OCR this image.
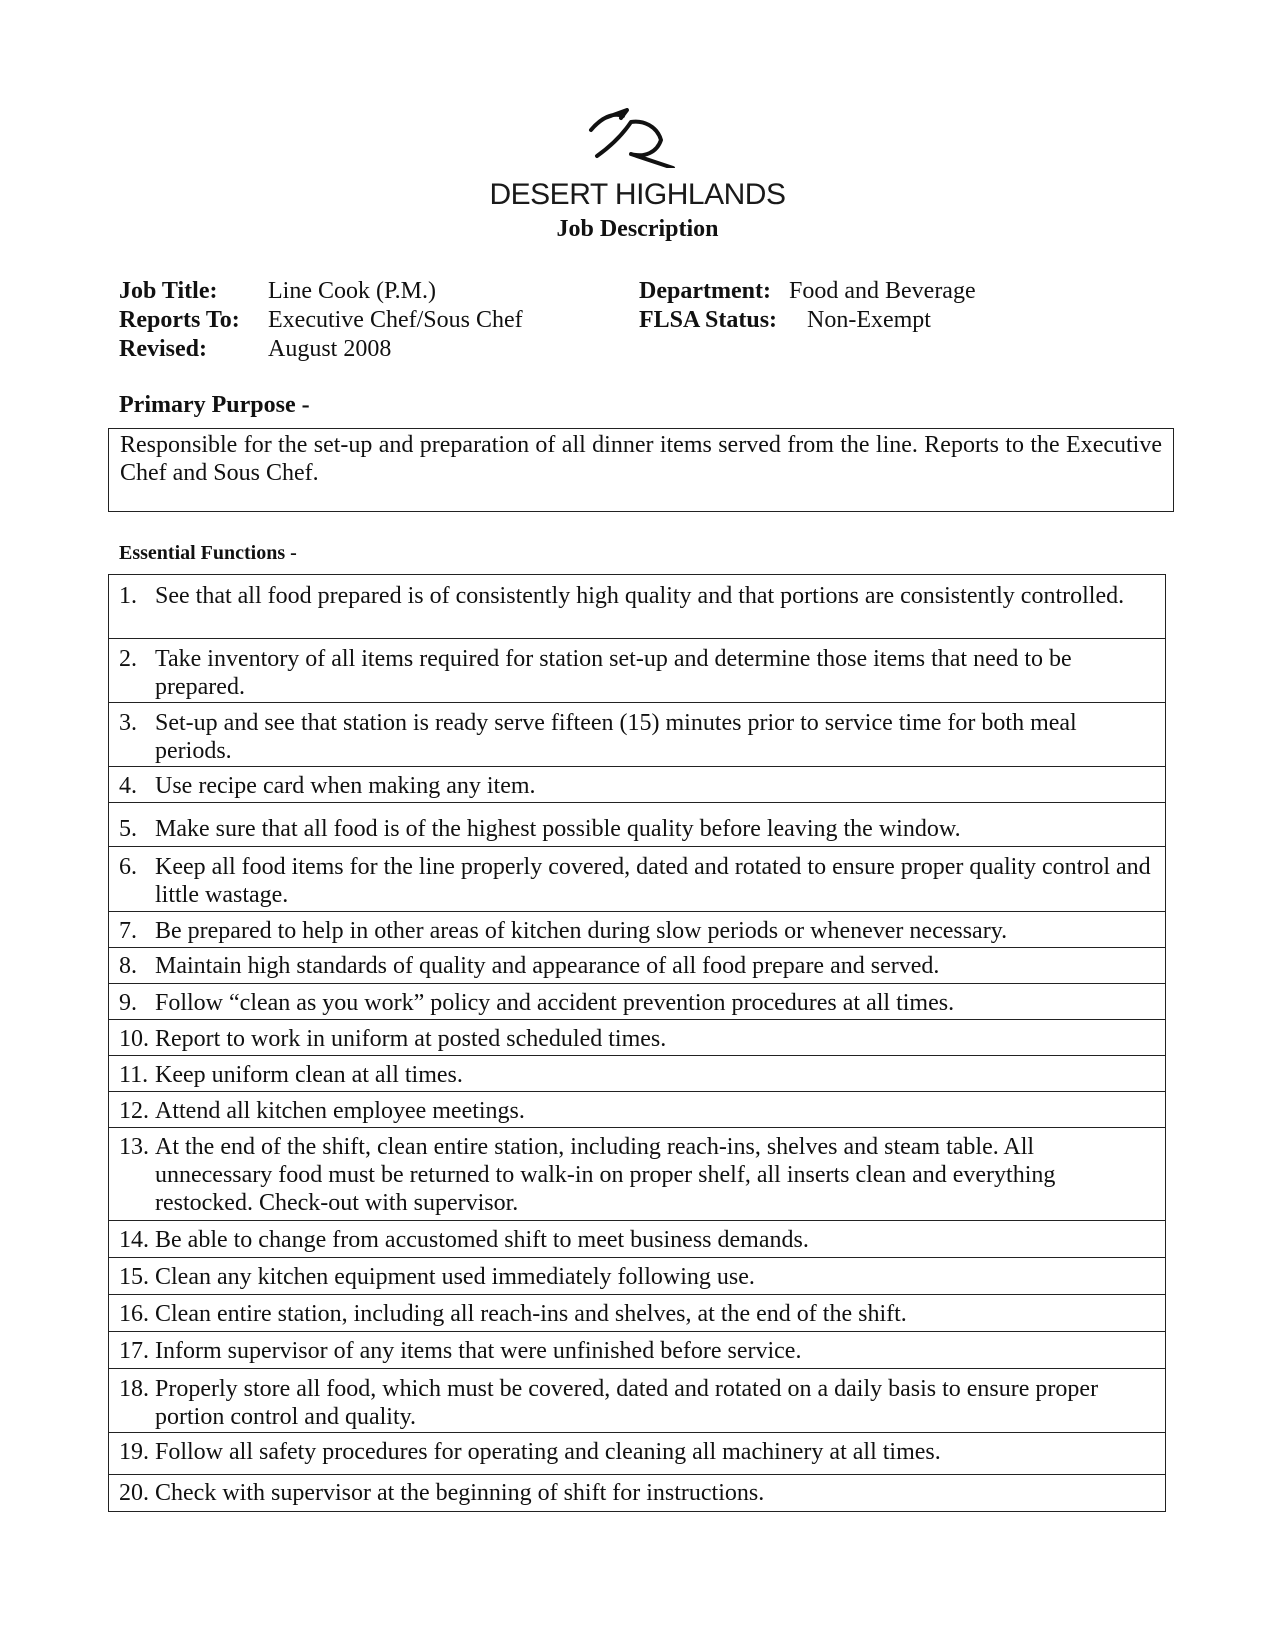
DESERT HIGHLANDS
Job Description
Job Title: Line Cook (P.M.)
Reports To: Executive Chef/Sous Chef
Revised:	August 2008
Department: Food and Beverage
FLSA Status: Non-Exempt
Primary Purpose -
Responsible for the set-up and preparation of all dinner items served from the line. Reports to the Executive Chef and Sous Chef.
Essential Functions -
1. See that all food prepared is of consistently high quality and that portions are consistently controlled.
2. Take inventory of all items required for station set-up and determine those items that need to be prepared.
3. Set-up and see that station is ready serve fifteen (15) minutes prior to service time for both meal periods.
4. Use recipe card when making any item.
5. Make sure that all food is of the highest possible quality before leaving the window.
6. Keep all food items for the line properly covered, dated and rotated to ensure proper quality control and little wastage.
7. Be prepared to help in other areas of kitchen during slow periods or whenever necessary.
8. Maintain high standards of quality and appearance of all food prepare and served.
9. Follow “clean as you work” policy and accident prevention procedures at all times.
10. Report to work in uniform at posted scheduled times.
11. Keep uniform clean at all times.
12. Attend all kitchen employee meetings.
13. At the end of the shift, clean entire station, including reach-ins, shelves and steam table. All unnecessary food must be returned to walk-in on proper shelf, all inserts clean and everything restocked. Check-out with supervisor.
14. Be able to change from accustomed shift to meet business demands.
15. Clean any kitchen equipment used immediately following use.
16. Clean entire station, including all reach-ins and shelves, at the end of the shift.
17. Inform supervisor of any items that were unfinished before service.
18. Properly store all food, which must be covered, dated and rotated on a daily basis to ensure proper portion control and quality.
19. Follow all safety procedures for operating and cleaning all machinery at all times.
20. Check with supervisor at the beginning of shift for instructions.
